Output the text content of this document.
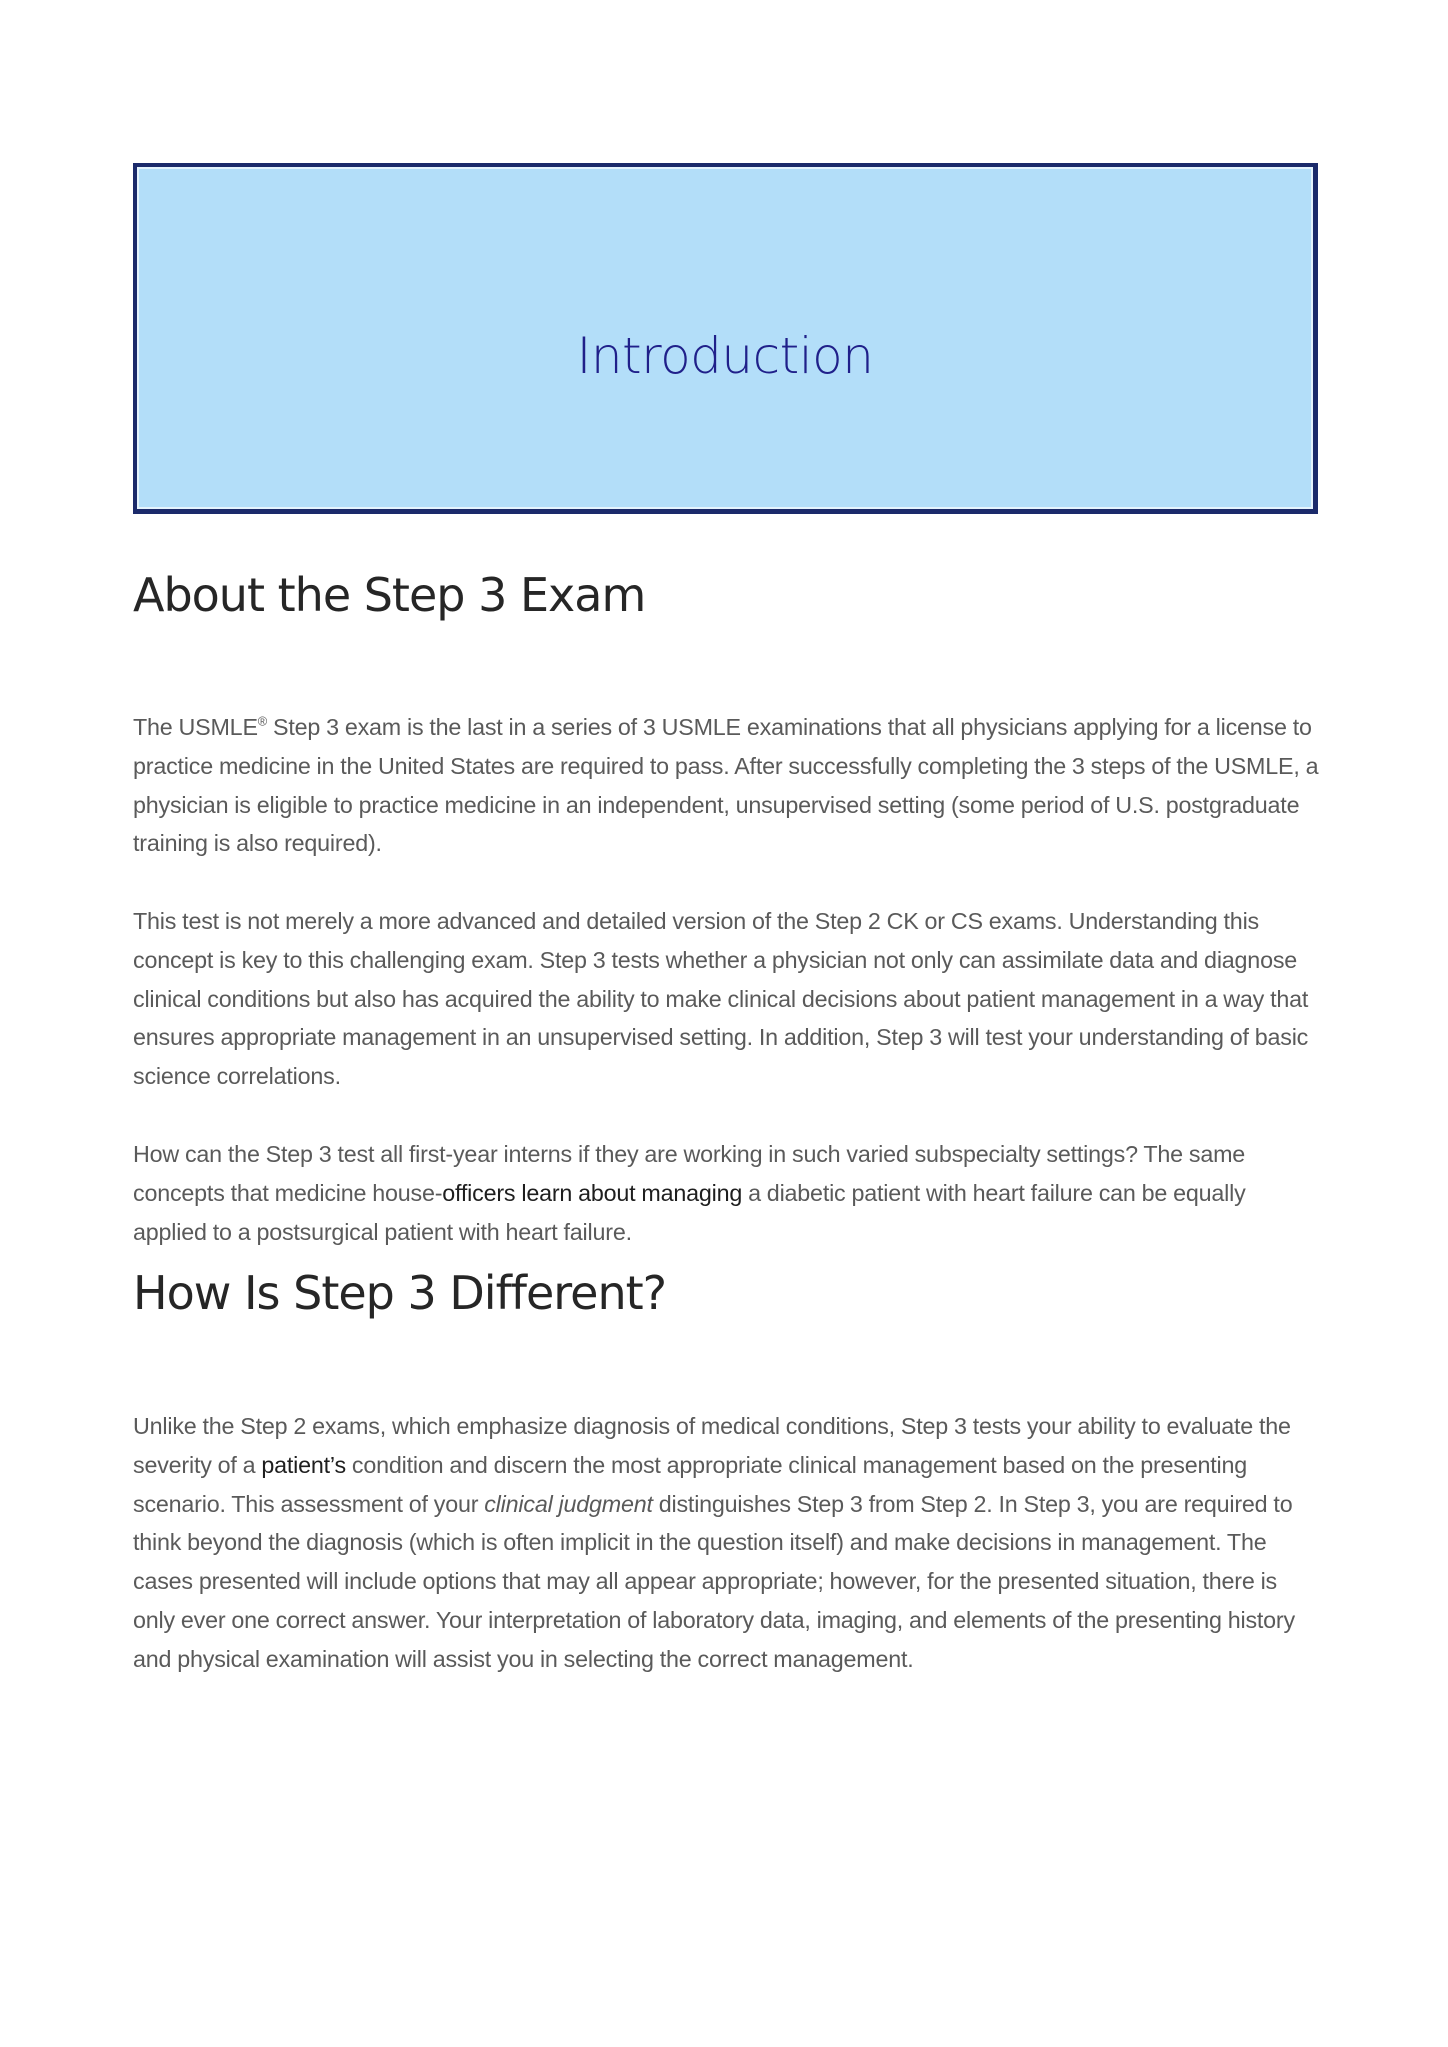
Introduction
About the Step 3 Exam

The USMLE® Step 3 exam is the last in a series of 3 USMLE examinations that all physicians applying for a license to practice medicine in the United States are required to pass. After successfully completing the 3 steps of the USMLE, a physician is eligible to practice medicine in an independent, unsupervised setting (some period of U.S. postgraduate training is also required).

This test is not merely a more advanced and detailed version of the Step 2 CK or CS exams. Understanding this concept is key to this challenging exam. Step 3 tests whether a physician not only can assimilate data and diagnose clinical conditions but also has acquired the ability to make clinical decisions about patient management in a way that ensures appropriate management in an unsupervised setting. In addition, Step 3 will test your understanding of basic science correlations.

How can the Step 3 test all first-year interns if they are working in such varied subspecialty settings? The same concepts that medicine house-officers learn about managing a diabetic patient with heart failure can be equally applied to a postsurgical patient with heart failure.

How Is Step 3 Different?

Unlike the Step 2 exams, which emphasize diagnosis of medical conditions, Step 3 tests your ability to evaluate the severity of a patient’s condition and discern the most appropriate clinical management based on the presenting scenario. This assessment of your clinical judgment distinguishes Step 3 from Step 2. In Step 3, you are required to think beyond the diagnosis (which is often implicit in the question itself) and make decisions in management. The cases presented will include options that may all appear appropriate; however, for the presented situation, there is only ever one correct answer. Your interpretation of laboratory data, imaging, and elements of the presenting history and physical examination will assist you in selecting the correct management.
